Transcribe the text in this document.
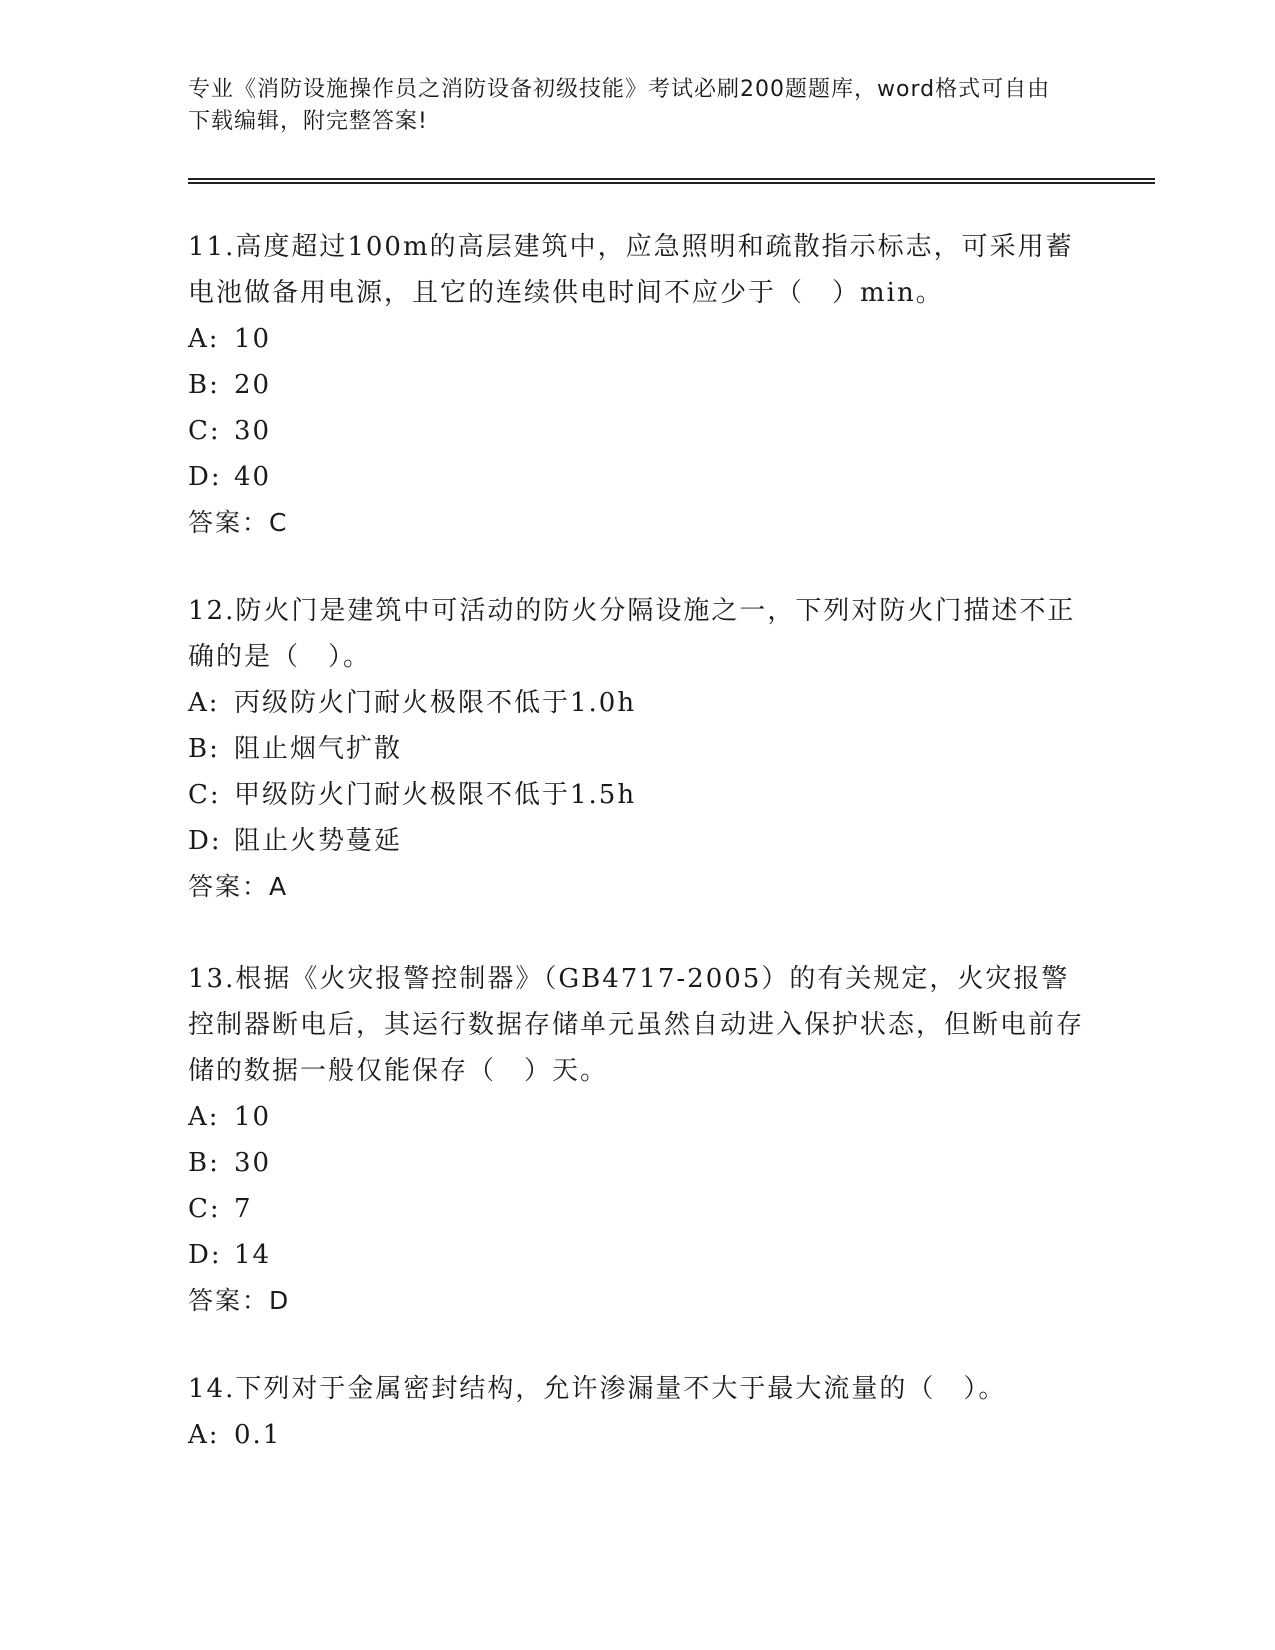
专业《消防设施操作员之消防设备初级技能》考试必刷200题题库，word格式可自由下载编辑，附完整答案!

11.高度超过100m的高层建筑中，应急照明和疏散指示标志，可采用蓄电池做备用电源，且它的连续供电时间不应少于（　）min。

A: 10

B: 20

C: 30

D: 40

答案：C

12.防火门是建筑中可活动的防火分隔设施之一，下列对防火门描述不正确的是（　）。

A: 丙级防火门耐火极限不低于1.0h

B: 阻止烟气扩散

C: 甲级防火门耐火极限不低于1.5h

D: 阻止火势蔓延

答案：A

13.根据《火灾报警控制器》（GB4717-2005）的有关规定，火灾报警控制器断电后，其运行数据存储单元虽然自动进入保护状态，但断电前存储的数据一般仅能保存（　）天。

A: 10

B: 30

C: 7

D: 14

答案：D

14.下列对于金属密封结构，允许渗漏量不大于最大流量的（　）。

A: 0.1
